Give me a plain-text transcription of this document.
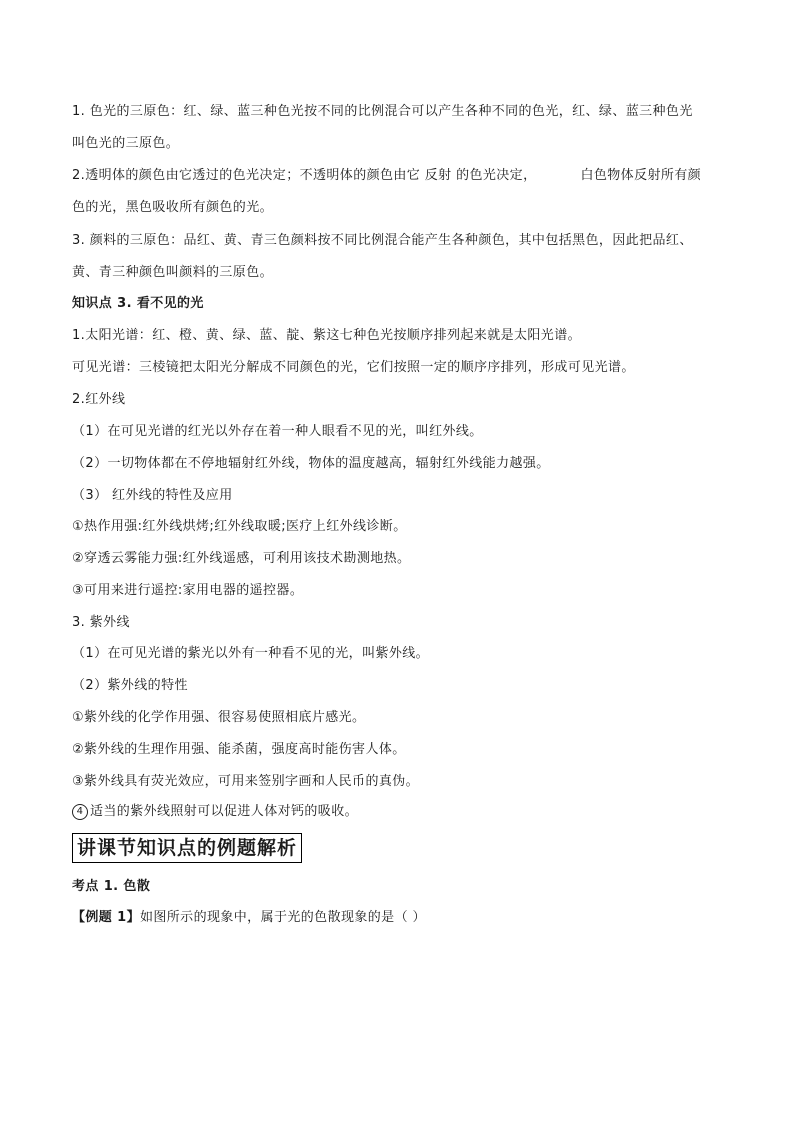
1. 色光的三原色：红、绿、蓝三种色光按不同的比例混合可以产生各种不同的色光，红、绿、蓝三种色光
叫色光的三原色。
2.透明体的颜色由它透过的色光决定；不透明体的颜色由它 反射 的色光决定，	白色物体反射所有颜
色的光，黑色吸收所有颜色的光。
3. 颜料的三原色：品红、黄、青三色颜料按不同比例混合能产生各种颜色，其中包括黑色，因此把品红、
黄、青三种颜色叫颜料的三原色。
知识点 3. 看不见的光
1.太阳光谱：红、橙、黄、绿、蓝、靛、紫这七种色光按顺序排列起来就是太阳光谱。
可见光谱：三棱镜把太阳光分解成不同颜色的光，它们按照一定的顺序序排列，形成可见光谱。
2.红外线
（1）在可见光谱的红光以外存在着一种人眼看不见的光，叫红外线。
（2）一切物体都在不停地辐射红外线，物体的温度越高，辐射红外线能力越强。
（3） 红外线的特性及应用
①热作用强:红外线烘烤;红外线取暖;医疗上红外线诊断。
②穿透云雾能力强:红外线遥感，可利用该技术勘测地热。
③可用来进行遥控:家用电器的遥控器。
3. 紫外线
（1）在可见光谱的紫光以外有一种看不见的光，叫紫外线。
（2）紫外线的特性
①紫外线的化学作用强、很容易使照相底片感光。
②紫外线的生理作用强、能杀菌，强度高时能伤害人体。
③紫外线具有荧光效应，可用来签别字画和人民币的真伪。
4 适当的紫外线照射可以促进人体对钙的吸收。
讲课节知识点的例题解析
考点 1. 色散
【例题 1】如图所示的现象中，属于光的色散现象的是（ ）
